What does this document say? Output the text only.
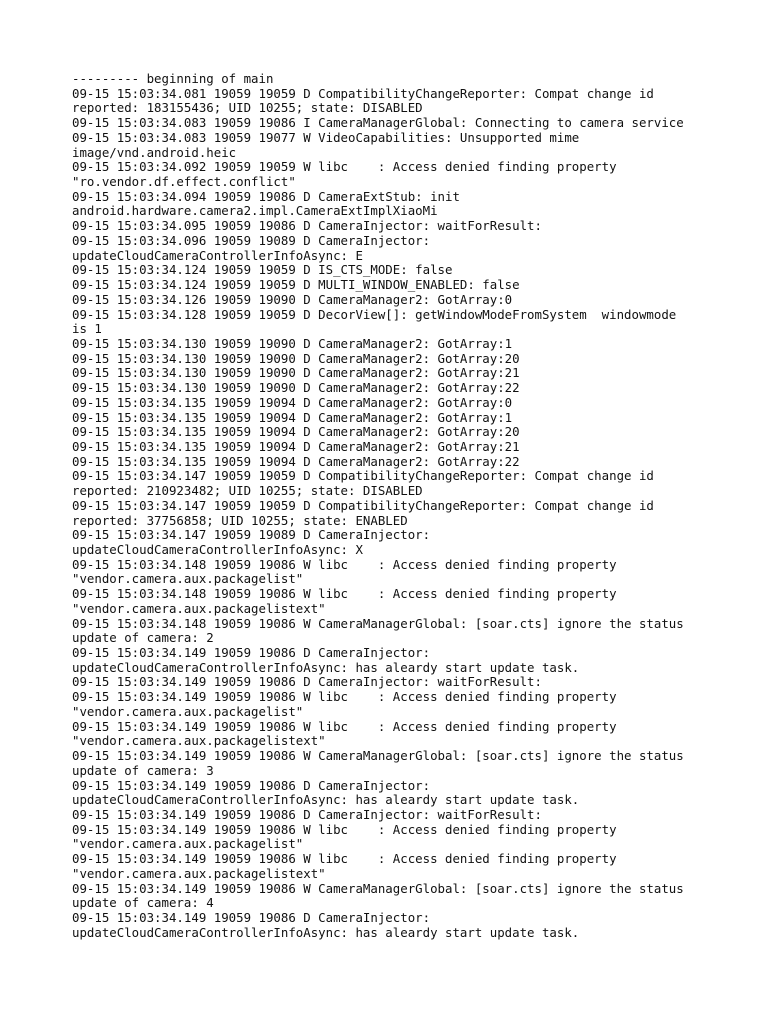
--------- beginning of main
09-15 15:03:34.081 19059 19059 D CompatibilityChangeReporter: Compat change id
reported: 183155436; UID 10255; state: DISABLED
09-15 15:03:34.083 19059 19086 I CameraManagerGlobal: Connecting to camera service
09-15 15:03:34.083 19059 19077 W VideoCapabilities: Unsupported mime
image/vnd.android.heic
09-15 15:03:34.092 19059 19059 W libc    : Access denied finding property
"ro.vendor.df.effect.conflict"
09-15 15:03:34.094 19059 19086 D CameraExtStub: init
android.hardware.camera2.impl.CameraExtImplXiaoMi
09-15 15:03:34.095 19059 19086 D CameraInjector: waitForResult:
09-15 15:03:34.096 19059 19089 D CameraInjector:
updateCloudCameraControllerInfoAsync: E
09-15 15:03:34.124 19059 19059 D IS_CTS_MODE: false
09-15 15:03:34.124 19059 19059 D MULTI_WINDOW_ENABLED: false
09-15 15:03:34.126 19059 19090 D CameraManager2: GotArray:0
09-15 15:03:34.128 19059 19059 D DecorView[]: getWindowModeFromSystem  windowmode
is 1
09-15 15:03:34.130 19059 19090 D CameraManager2: GotArray:1
09-15 15:03:34.130 19059 19090 D CameraManager2: GotArray:20
09-15 15:03:34.130 19059 19090 D CameraManager2: GotArray:21
09-15 15:03:34.130 19059 19090 D CameraManager2: GotArray:22
09-15 15:03:34.135 19059 19094 D CameraManager2: GotArray:0
09-15 15:03:34.135 19059 19094 D CameraManager2: GotArray:1
09-15 15:03:34.135 19059 19094 D CameraManager2: GotArray:20
09-15 15:03:34.135 19059 19094 D CameraManager2: GotArray:21
09-15 15:03:34.135 19059 19094 D CameraManager2: GotArray:22
09-15 15:03:34.147 19059 19059 D CompatibilityChangeReporter: Compat change id
reported: 210923482; UID 10255; state: DISABLED
09-15 15:03:34.147 19059 19059 D CompatibilityChangeReporter: Compat change id
reported: 37756858; UID 10255; state: ENABLED
09-15 15:03:34.147 19059 19089 D CameraInjector:
updateCloudCameraControllerInfoAsync: X
09-15 15:03:34.148 19059 19086 W libc    : Access denied finding property
"vendor.camera.aux.packagelist"
09-15 15:03:34.148 19059 19086 W libc    : Access denied finding property
"vendor.camera.aux.packagelistext"
09-15 15:03:34.148 19059 19086 W CameraManagerGlobal: [soar.cts] ignore the status
update of camera: 2
09-15 15:03:34.149 19059 19086 D CameraInjector:
updateCloudCameraControllerInfoAsync: has aleardy start update task.
09-15 15:03:34.149 19059 19086 D CameraInjector: waitForResult:
09-15 15:03:34.149 19059 19086 W libc    : Access denied finding property
"vendor.camera.aux.packagelist"
09-15 15:03:34.149 19059 19086 W libc    : Access denied finding property
"vendor.camera.aux.packagelistext"
09-15 15:03:34.149 19059 19086 W CameraManagerGlobal: [soar.cts] ignore the status
update of camera: 3
09-15 15:03:34.149 19059 19086 D CameraInjector:
updateCloudCameraControllerInfoAsync: has aleardy start update task.
09-15 15:03:34.149 19059 19086 D CameraInjector: waitForResult:
09-15 15:03:34.149 19059 19086 W libc    : Access denied finding property
"vendor.camera.aux.packagelist"
09-15 15:03:34.149 19059 19086 W libc    : Access denied finding property
"vendor.camera.aux.packagelistext"
09-15 15:03:34.149 19059 19086 W CameraManagerGlobal: [soar.cts] ignore the status
update of camera: 4
09-15 15:03:34.149 19059 19086 D CameraInjector:
updateCloudCameraControllerInfoAsync: has aleardy start update task.
